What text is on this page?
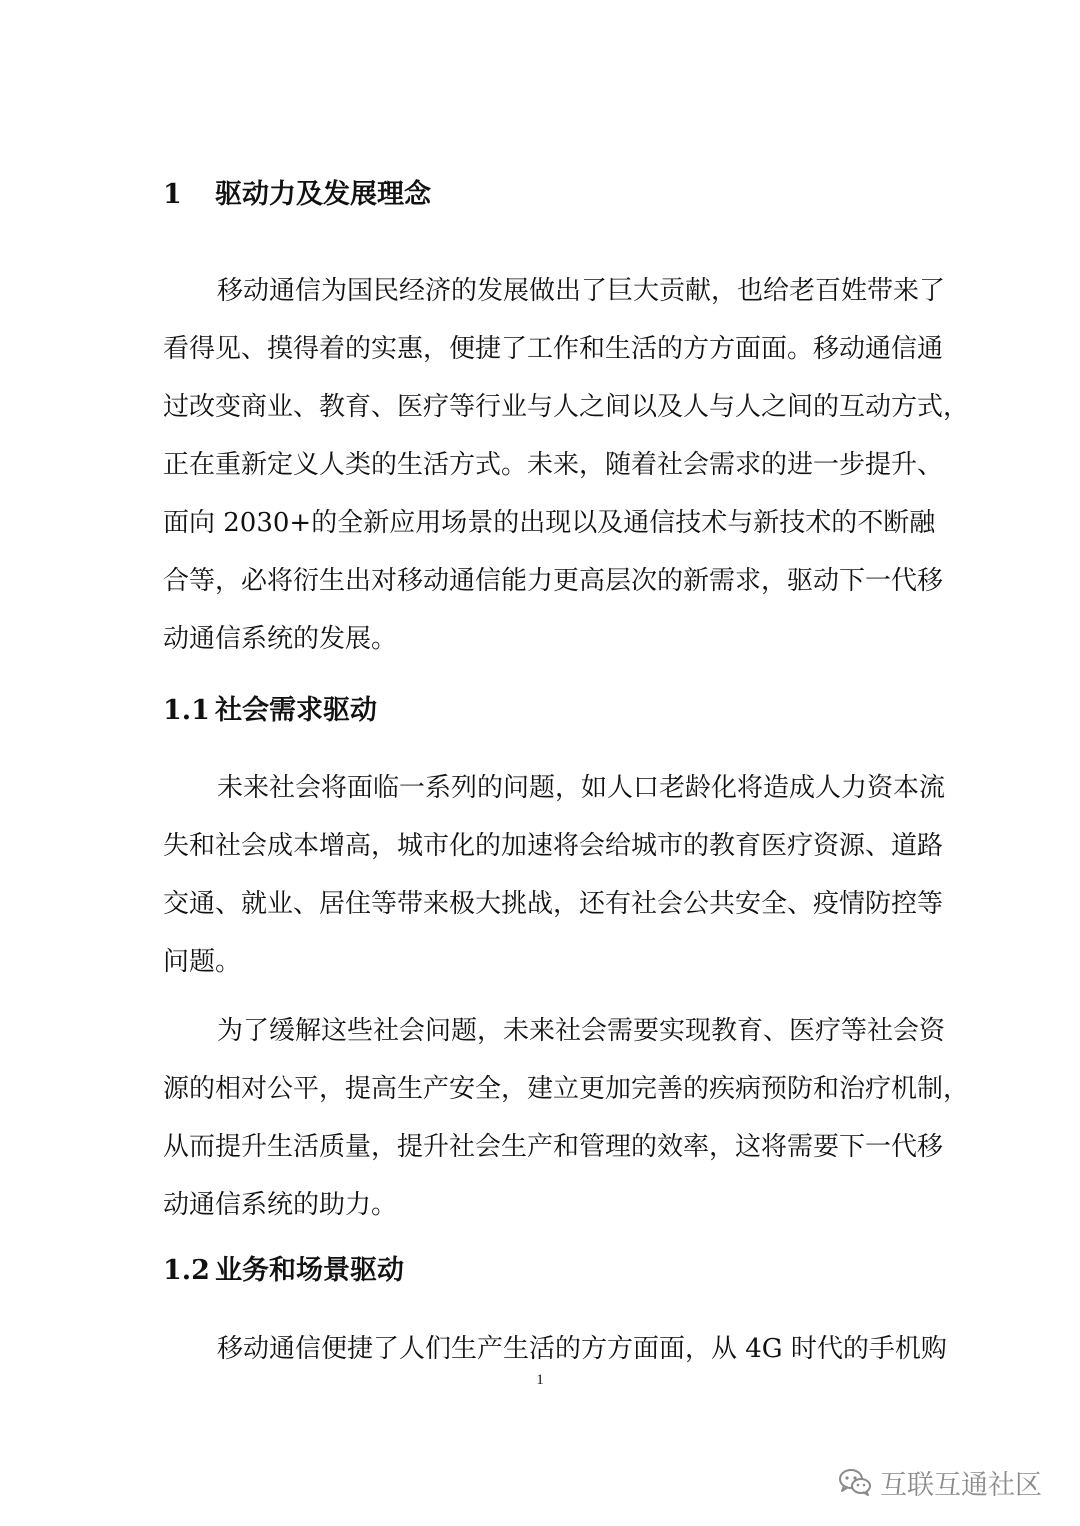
1 驱动力及发展理念
移动通信为国民经济的发展做出了巨大贡献，也给老百姓带来了
看得见、摸得着的实惠，便捷了工作和生活的方方面面。移动通信通
过改变商业、教育、医疗等行业与人之间以及人与人之间的互动方式，
正在重新定义人类的生活方式。未来，随着社会需求的进一步提升、
面向 2030+的全新应用场景的出现以及通信技术与新技术的不断融
合等，必将衍生出对移动通信能力更高层次的新需求，驱动下一代移
动通信系统的发展。
1.1 社会需求驱动
未来社会将面临一系列的问题，如人口老龄化将造成人力资本流
失和社会成本增高，城市化的加速将会给城市的教育医疗资源、道路
交通、就业、居住等带来极大挑战，还有社会公共安全、疫情防控等
问题。
为了缓解这些社会问题，未来社会需要实现教育、医疗等社会资
源的相对公平，提高生产安全，建立更加完善的疾病预防和治疗机制，
从而提升生活质量，提升社会生产和管理的效率，这将需要下一代移
动通信系统的助力。
1.2 业务和场景驱动
移动通信便捷了人们生产生活的方方面面，从 4G 时代的手机购
1
互联互通社区
